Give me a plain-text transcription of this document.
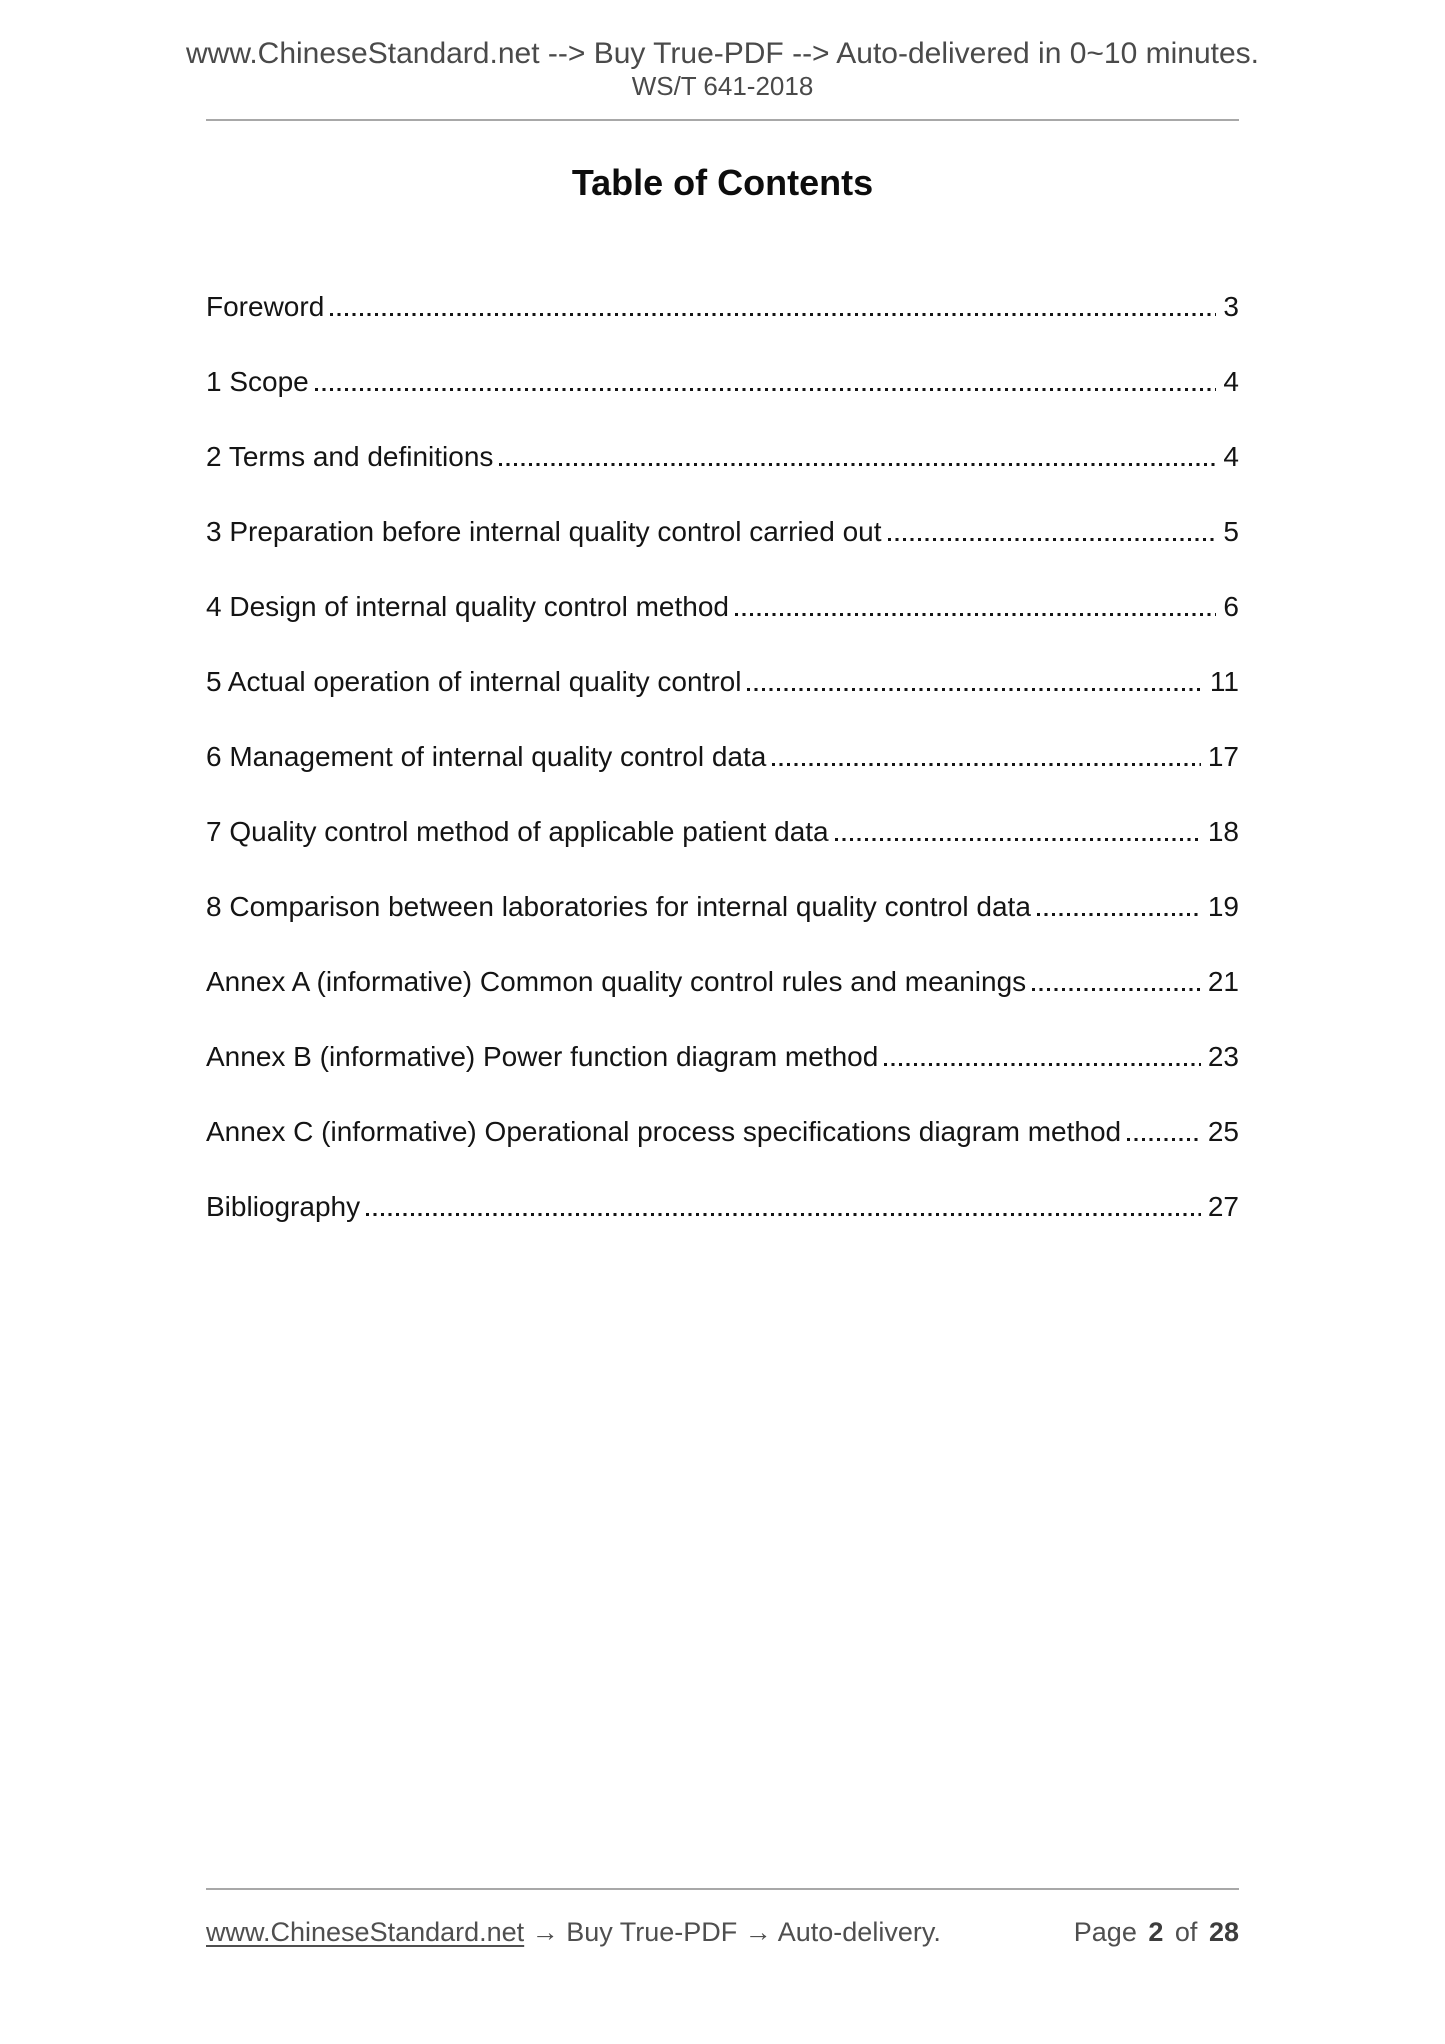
www.ChineseStandard.net --> Buy True-PDF --> Auto-delivered in 0~10 minutes.
WS/T 641-2018
Table of Contents
Foreword	3
1 Scope	4
2 Terms and definitions	4
3 Preparation before internal quality control carried out	5
4 Design of internal quality control method	6
5 Actual operation of internal quality control	11
6 Management of internal quality control data	17
7 Quality control method of applicable patient data	18
8 Comparison between laboratories for internal quality control data	19
Annex A (informative) Common quality control rules and meanings	21
Annex B (informative) Power function diagram method	23
Annex C (informative) Operational process specifications diagram method	25
Bibliography	27
www.ChineseStandard.net → Buy True-PDF → Auto-delivery.	Page 2 of 28
